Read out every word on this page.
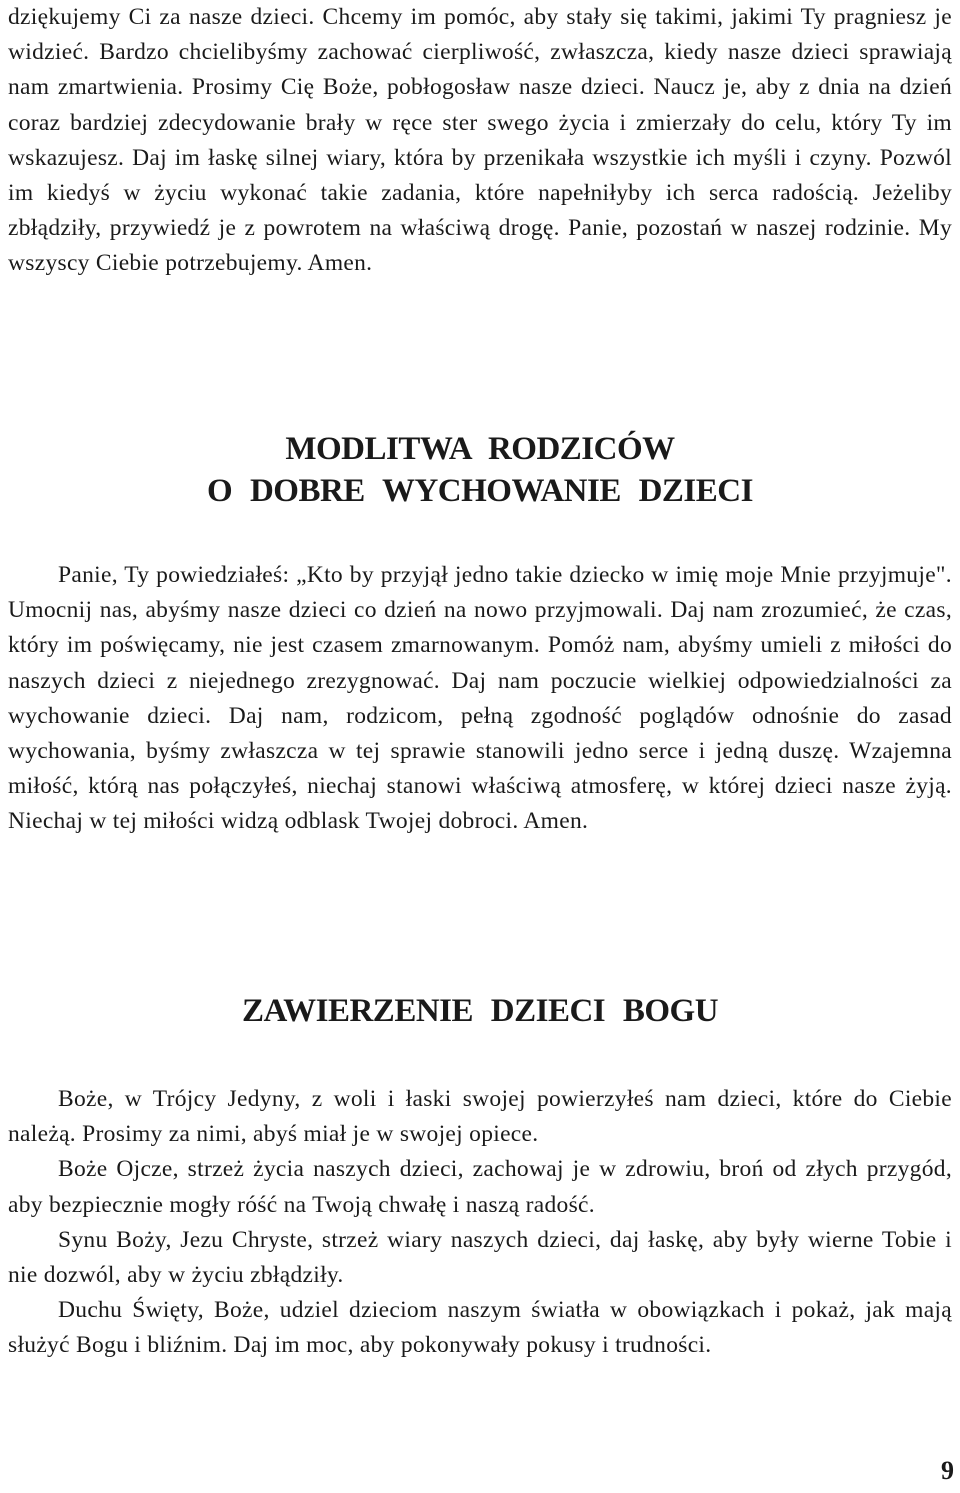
dziękujemy Ci za nasze dzieci. Chcemy im pomóc, aby stały się takimi, jakimi Ty pragniesz je widzieć. Bardzo chcielibyśmy zachować cierpliwość, zwłaszcza, kiedy nasze dzieci sprawiają nam zmartwienia. Prosimy Cię Boże, pobłogosław nasze dzieci. Naucz je, aby z dnia na dzień coraz bardziej zdecydowanie brały w ręce ster swego życia i zmierzały do celu, który Ty im wskazujesz. Daj im łaskę silnej wiary, która by przenikała wszystkie ich myśli i czyny. Pozwól im kiedyś w życiu wykonać takie zadania, które napełniłyby ich serca radością. Jeżeliby zbłądziły, przywiedź je z powrotem na właściwą drogę. Panie, pozostań w naszej rodzinie. My wszyscy Ciebie potrzebujemy. Amen.

MODLITWA RODZICÓW

O DOBRE WYCHOWANIE DZIECI

Panie, Ty powiedziałeś: „Kto by przyjął jedno takie dziecko w imię moje Mnie przyjmuje". Umocnij nas, abyśmy nasze dzieci co dzień na nowo przyjmowali. Daj nam zrozumieć, że czas, który im poświęcamy, nie jest czasem zmarnowanym. Pomóż nam, abyśmy umieli z miłości do naszych dzieci z niejednego zrezygnować. Daj nam poczucie wielkiej odpowiedzialności za wychowanie dzieci. Daj nam, rodzicom, pełną zgodność poglądów odnośnie do zasad wychowania, byśmy zwłaszcza w tej sprawie stanowili jedno serce i jedną duszę. Wzajemna miłość, którą nas połączyłeś, niechaj stanowi właściwą atmosferę, w której dzieci nasze żyją. Niechaj w tej miłości widzą odblask Twojej dobroci. Amen.

ZAWIERZENIE DZIECI BOGU

Boże, w Trójcy Jedyny, z woli i łaski swojej powierzyłeś nam dzieci, które do Ciebie należą. Prosimy za nimi, abyś miał je w swojej opiece.

Boże Ojcze, strzeż życia naszych dzieci, zachowaj je w zdrowiu, broń od złych przygód, aby bezpiecznie mogły róść na Twoją chwałę i naszą radość.

Synu Boży, Jezu Chryste, strzeż wiary naszych dzieci, daj łaskę, aby były wierne Tobie i nie dozwól, aby w życiu zbłądziły.

Duchu Święty, Boże, udziel dzieciom naszym światła w obowiązkach i pokaż, jak mają służyć Bogu i bliźnim. Daj im moc, aby pokonywały pokusy i trudności.

9
